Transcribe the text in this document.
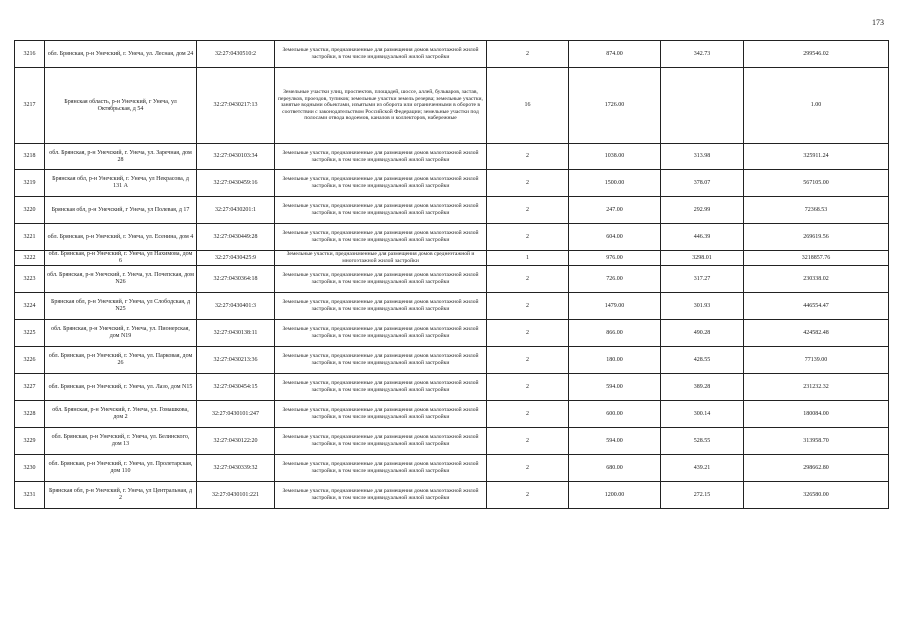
173
3216	обл. Брянская, р-н Унечский, г. Унеча, ул. Лесная, дом 24	32:27:0430510:2	Земельные участки, предназначенные для размещения домов малоэтажной жилой застройки, в том числе индивидуальной жилой застройки	2	874.00	342.73	299546.02
3217	Брянская область, р-н Унечский, г Унеча, ул Октябрьская, д 54	32:27:0430217:13	Земельные участки улиц, проспектов, площадей, шоссе, аллей, бульваров, застав, переулков, проездов, тупиков; земельные участки земель резерва; земельные участки, занятые водными объектами, изъятыми из оборота или ограниченными в обороте в соответствии с законодательством Российской Федерации; земельные участки под полосами отвода водоемов, каналов и коллекторов, набережные	16	1726.00		1.00
3218	обл. Брянская, р-н Унечский, г. Унеча, ул. Заречная, дом 28	32:27:0430103:34	Земельные участки, предназначенные для размещения домов малоэтажной жилой застройки, в том числе индивидуальной жилой застройки	2	1038.00	313.98	325911.24
3219	Брянская обл, р-н Унечский, г. Унеча, ул Некрасова, д 131 А	32:27:0430459:16	Земельные участки, предназначенные для размещения домов малоэтажной жилой застройки, в том числе индивидуальной жилой застройки	2	1500.00	378.07	567105.00
3220	Брянская обл, р-н Унечский, г Унеча, ул Полевая, д 17	32:27:0430201:1	Земельные участки, предназначенные для размещения домов малоэтажной жилой застройки, в том числе индивидуальной жилой застройки	2	247.00	292.99	72368.53
3221	обл. Брянская, р-н Унечский, г. Унеча, ул. Есенина, дом 4	32:27:0430449:28	Земельные участки, предназначенные для размещения домов малоэтажной жилой застройки, в том числе индивидуальной жилой застройки	2	604.00	446.39	269619.56
3222	обл. Брянская, р-н Унечский, г. Унеча, ул Нахимова, дом 6	32:27:0430425:9	Земельные участки, предназначенные для размещения домов среднеэтажной и многоэтажной жилой застройки	1	976.00	3298.01	3218857.76
3223	обл. Брянская, р-н Унечский, г. Унеча, ул. Почепская, дом N26	32:27:0430364:18	Земельные участки, предназначенные для размещения домов малоэтажной жилой застройки, в том числе индивидуальной жилой застройки	2	726.00	317.27	230338.02
3224	Брянская обл, р-н Унечский, г Унеча, ул Слободская, д N25	32:27:0430401:3	Земельные участки, предназначенные для размещения домов малоэтажной жилой застройки, в том числе индивидуальной жилой застройки	2	1479.00	301.93	446554.47
3225	обл. Брянская, р-н Унечский, г. Унеча, ул. Пионерская, дом N19	32:27:0430138:11	Земельные участки, предназначенные для размещения домов малоэтажной жилой застройки, в том числе индивидуальной жилой застройки	2	866.00	490.28	424582.48
3226	обл. Брянская, р-н Унечский, г. Унеча, ул. Парковая, дом 26	32:27:0430213:36	Земельные участки, предназначенные для размещения домов малоэтажной жилой застройки, в том числе индивидуальной жилой застройки	2	180.00	428.55	77139.00
3227	обл. Брянская, р-н Унечский, г. Унеча, ул. Лазо, дом N15	32:27:0430454:15	Земельные участки, предназначенные для размещения домов малоэтажной жилой застройки, в том числе индивидуальной жилой застройки	2	594.00	389.28	231232.32
3228	обл. Брянская, р-н Унечский, г. Унеча, ул. Гомашкова, дом 2	32:27:0430101:247	Земельные участки, предназначенные для размещения домов малоэтажной жилой застройки, в том числе индивидуальной жилой застройки	2	600.00	300.14	180084.00
3229	обл. Брянская, р-н Унечский, г. Унеча, ул. Белинского, дом 13	32:27:0430122:20	Земельные участки, предназначенные для размещения домов малоэтажной жилой застройки, в том числе индивидуальной жилой застройки	2	594.00	528.55	313958.70
3230	обл. Брянская, р-н Унечский, г. Унеча, ул. Пролетарская, дом 110	32:27:0430339:32	Земельные участки, предназначенные для размещения домов малоэтажной жилой застройки, в том числе индивидуальной жилой застройки	2	680.00	439.21	298662.80
3231	Брянская обл, р-н Унечский, г. Унеча, ул Центральная, д 2	32:27:0430101:221	Земельные участки, предназначенные для размещения домов малоэтажной жилой застройки, в том числе индивидуальной жилой застройки	2	1200.00	272.15	326580.00
